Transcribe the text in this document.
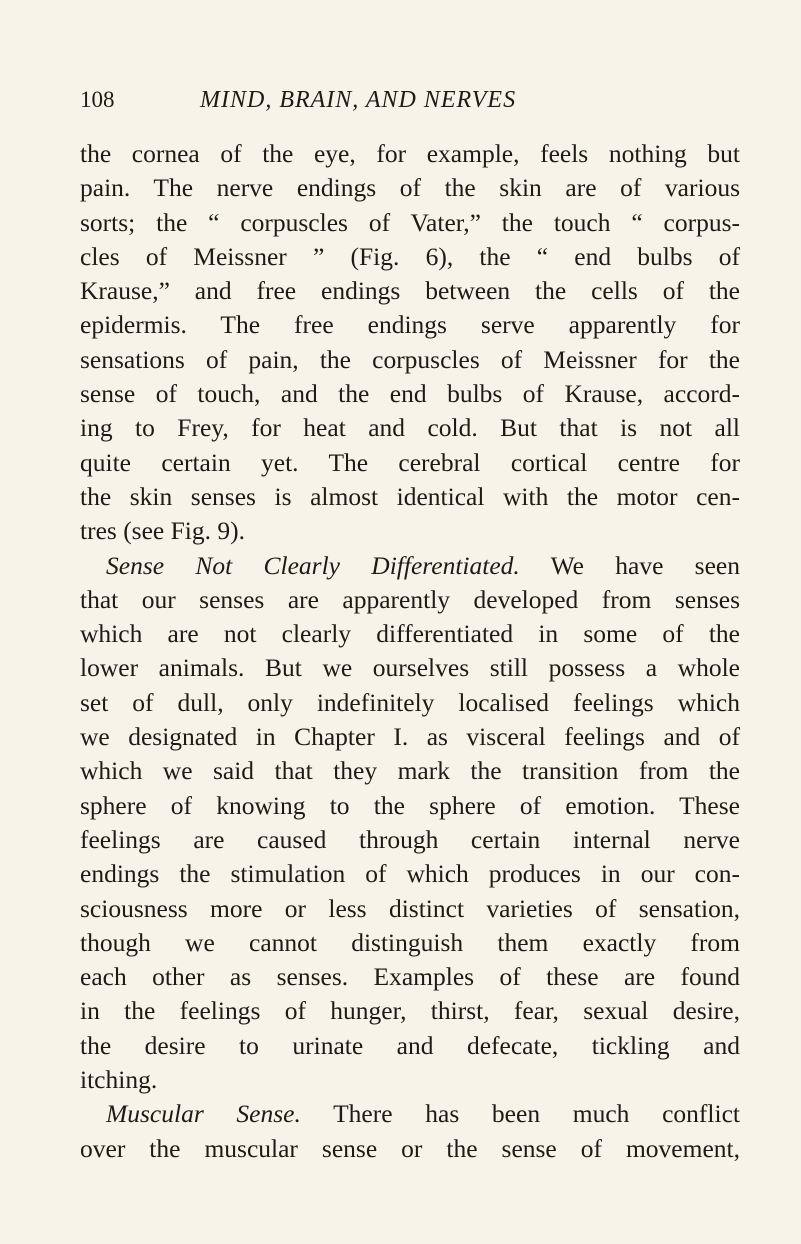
108	MIND, BRAIN, AND NERVES
the cornea of the eye, for example, feels nothing but
pain. The nerve endings of the skin are of various
sorts; the “ corpuscles of Vater,” the touch “ corpus-
cles of Meissner ” (Fig. 6), the “ end bulbs of
Krause,” and free endings between the cells of the
epidermis. The free endings serve apparently for
sensations of pain, the corpuscles of Meissner for the
sense of touch, and the end bulbs of Krause, accord-
ing to Frey, for heat and cold. But that is not all
quite certain yet. The cerebral cortical centre for
the skin senses is almost identical with the motor cen-
tres (see Fig. 9).
Sense Not Clearly Differentiated. We have seen
that our senses are apparently developed from senses
which are not clearly differentiated in some of the
lower animals. But we ourselves still possess a whole
set of dull, only indefinitely localised feelings which
we designated in Chapter I. as visceral feelings and of
which we said that they mark the transition from the
sphere of knowing to the sphere of emotion. These
feelings are caused through certain internal nerve
endings the stimulation of which produces in our con-
sciousness more or less distinct varieties of sensation,
though we cannot distinguish them exactly from
each other as senses. Examples of these are found
in the feelings of hunger, thirst, fear, sexual desire,
the desire to urinate and defecate, tickling and
itching.
Muscular Sense. There has been much conflict
over the muscular sense or the sense of movement,
